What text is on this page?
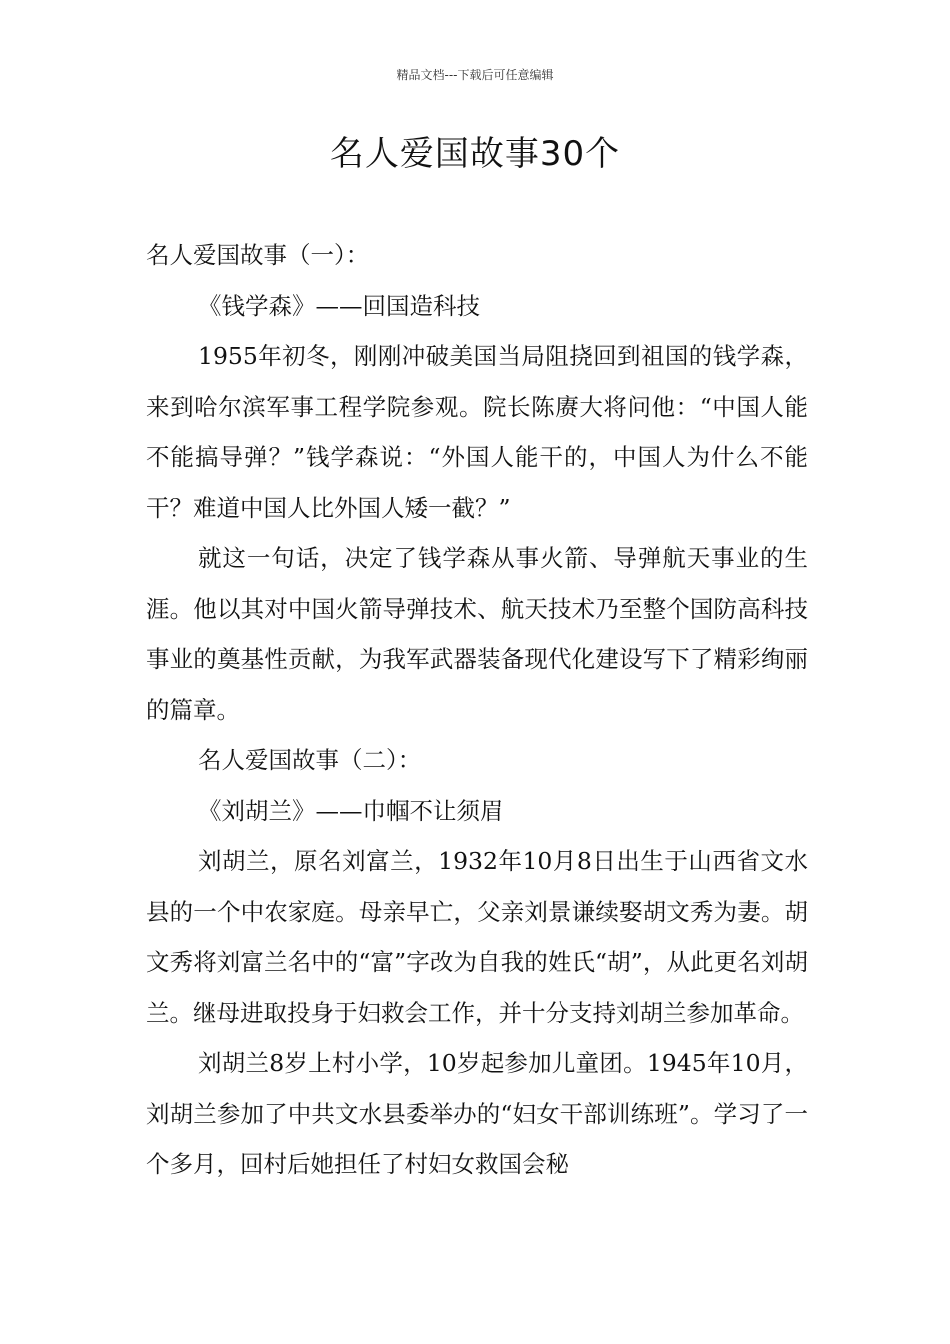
精品文档---下载后可任意编辑
名人爱国故事30个

名人爱国故事（一）：

《钱学森》——回国造科技

1955年初冬，刚刚冲破美国当局阻挠回到祖国的钱学森，来到哈尔滨军事工程学院参观。院长陈赓大将问他：“中国人能不能搞导弹？”钱学森说：“外国人能干的，中国人为什么不能干？难道中国人比外国人矮一截？”

就这一句话，决定了钱学森从事火箭、导弹航天事业的生涯。他以其对中国火箭导弹技术、航天技术乃至整个国防高科技事业的奠基性贡献，为我军武器装备现代化建设写下了精彩绚丽的篇章。

名人爱国故事（二）：

《刘胡兰》——巾帼不让须眉

刘胡兰，原名刘富兰，1932年10月8日出生于山西省文水县的一个中农家庭。母亲早亡，父亲刘景谦续娶胡文秀为妻。胡文秀将刘富兰名中的“富”字改为自我的姓氏“胡”，从此更名刘胡兰。继母进取投身于妇救会工作，并十分支持刘胡兰参加革命。

刘胡兰8岁上村小学，10岁起参加儿童团。1945年10月，刘胡兰参加了中共文水县委举办的“妇女干部训练班”。学习了一个多月，回村后她担任了村妇女救国会秘
